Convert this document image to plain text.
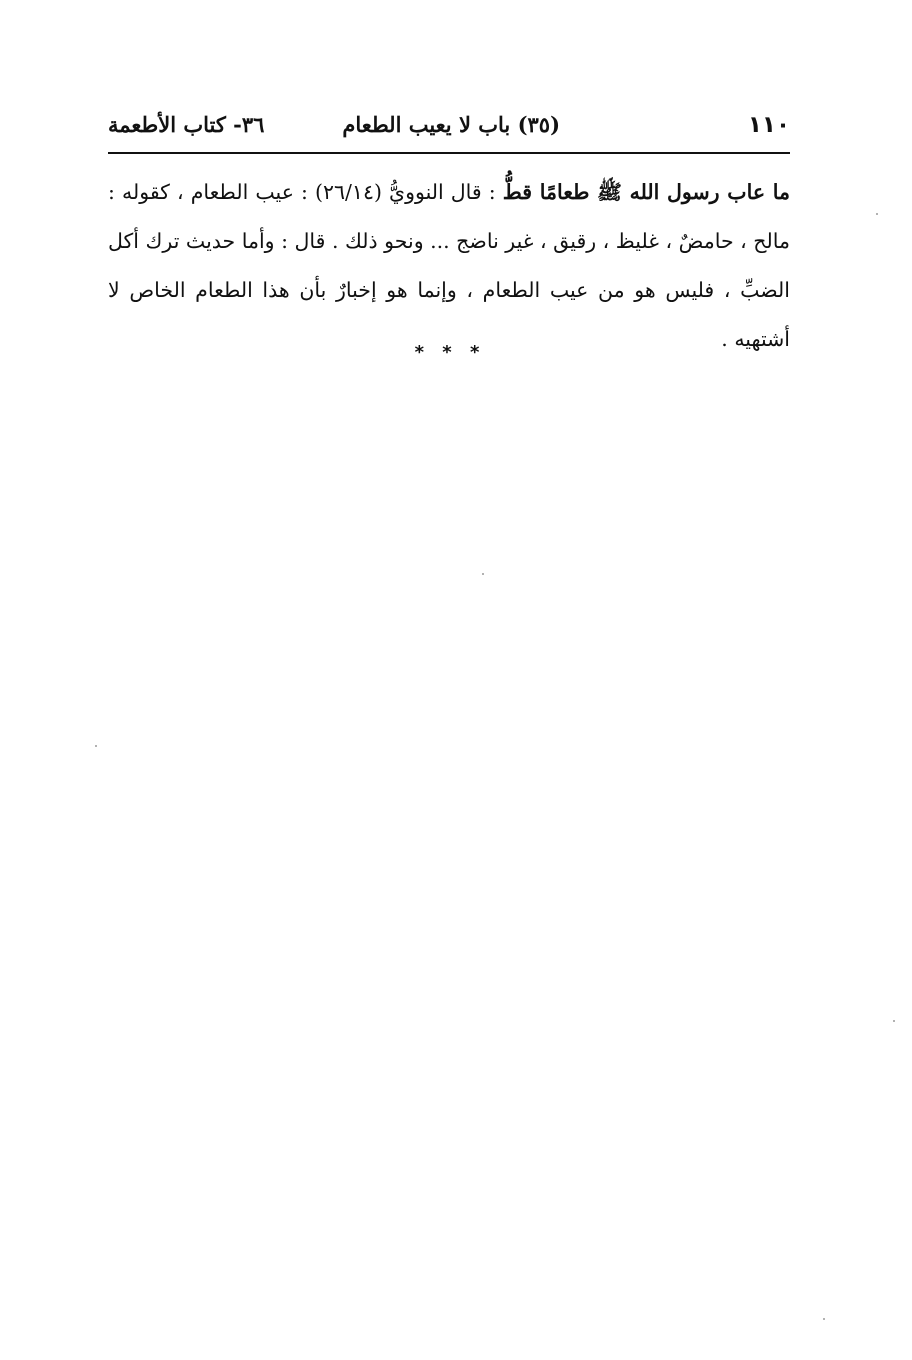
١١٠
(٣٥) باب لا يعيب الطعام
٣٦- كتاب الأطعمة
ما عاب رسول الله ﷺ طعامًا قطُّ : قال النوويُّ (٢٦/١٤) : عيب الطعام ، كقوله : مالح ، حامضٌ ، غليظ ، رقيق ، غير ناضج ... ونحو ذلك . قال : وأما حديث ترك أكل الضبِّ ، فليس هو من عيب الطعام ، وإنما هو إخبارٌ بأن هذا الطعام الخاص لا أشتهيه .
* * *
